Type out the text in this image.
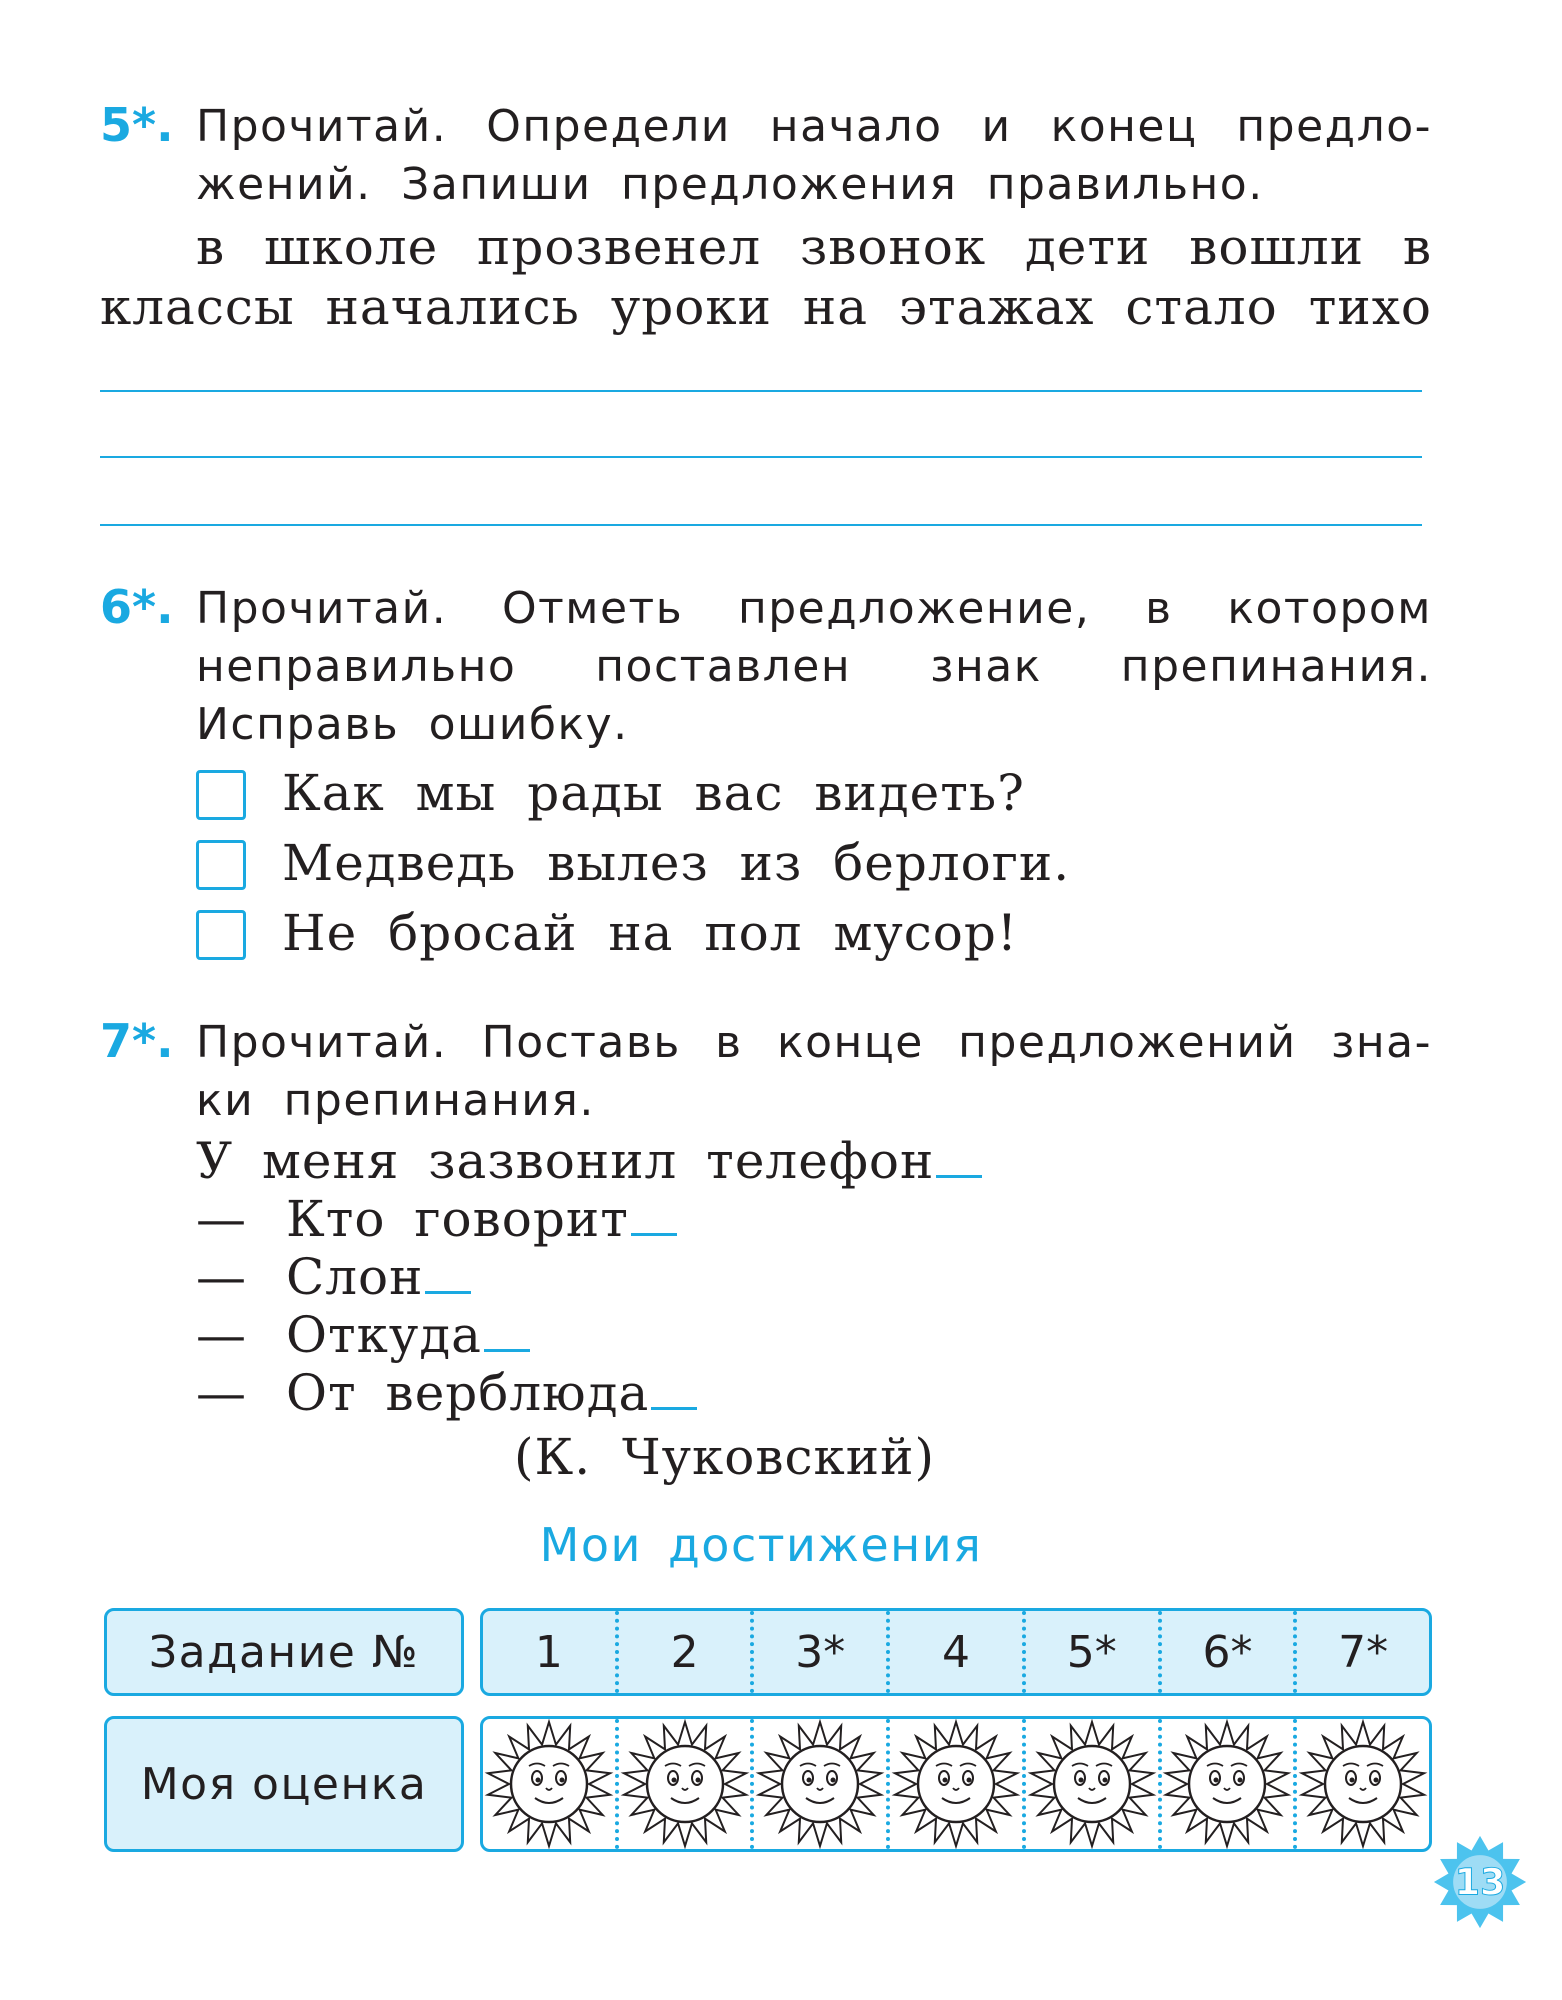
5*. Прочитай. Определи начало и конец предло-
жений. Запиши предложения правильно.
в школе прозвенел звонок дети вошли в
классы начались уроки на этажах стало тихо
6*. Прочитай. Отметь предложение, в котором
неправильно поставлен знак препинания.
Исправь ошибку.
Как мы рады вас видеть?
Медведь вылез из берлоги.
Не бросай на пол мусор!
7*. Прочитай. Поставь в конце предложений зна-
ки препинания.
У меня зазвонил телефон
— Кто говорит
— Слон
— Откуда
— От верблюда
(К. Чуковский)
Мои достижения
Задание №	1	2	3*	4	5*	6*	7*
Моя оценка
13
